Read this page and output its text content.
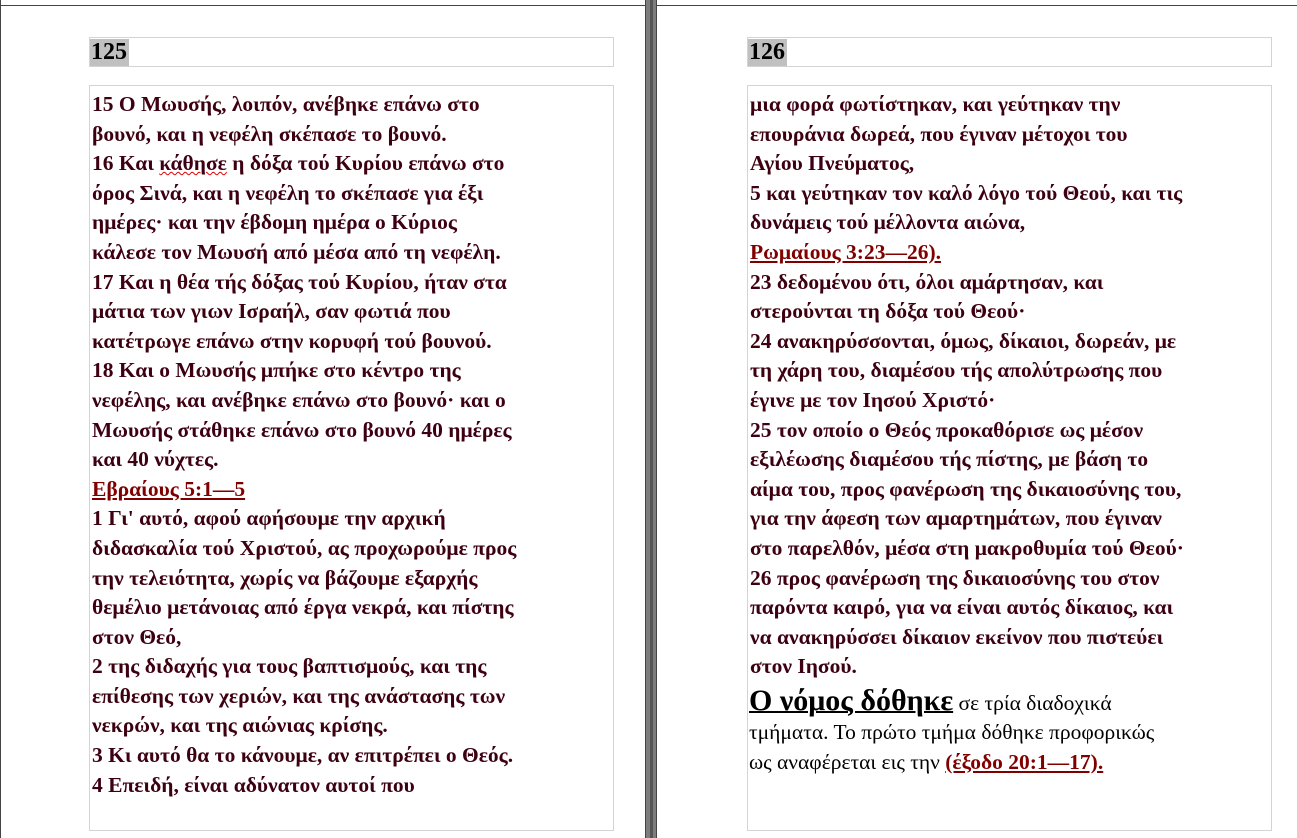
125
15 Ο Μωυσής, λοιπόν, ανέβηκε επάνω στο
βουνό, και η νεφέλη σκέπασε το βουνό.
16 Και κάθησε η δόξα τού Κυρίου επάνω στο
όρος Σινά, και η νεφέλη το σκέπασε για έξι
ημέρες· και την έβδομη ημέρα ο Κύριος
κάλεσε τον Μωυσή από μέσα από τη νεφέλη.
17 Και η θέα τής δόξας τού Κυρίου, ήταν στα
μάτια των γιων Ισραήλ, σαν φωτιά που
κατέτρωγε επάνω στην κορυφή τού βουνού.
18 Και ο Μωυσής μπήκε στο κέντρο της
νεφέλης, και ανέβηκε επάνω στο βουνό· και ο
Μωυσής στάθηκε επάνω στο βουνό 40 ημέρες
και 40 νύχτες.
Εβραίους 5:1—5
1 Γι' αυτό, αφού αφήσουμε την αρχική
διδασκαλία τού Χριστού, ας προχωρούμε προς
την τελειότητα, χωρίς να βάζουμε εξαρχής
θεμέλιο μετάνοιας από έργα νεκρά, και πίστης
στον Θεό,
2 της διδαχής για τους βαπτισμούς, και της
επίθεσης των χεριών, και της ανάστασης των
νεκρών, και της αιώνιας κρίσης.
3 Κι αυτό θα το κάνουμε, αν επιτρέπει ο Θεός.
4 Επειδή, είναι αδύνατον αυτοί που
126
μια φορά φωτίστηκαν, και γεύτηκαν την
επουράνια δωρεά, που έγιναν μέτοχοι του
Αγίου Πνεύματος,
5 και γεύτηκαν τον καλό λόγο τού Θεού, και τις
δυνάμεις τού μέλλοντα αιώνα,
Ρωμαίους 3:23—26).
23 δεδομένου ότι, όλοι αμάρτησαν, και
στερούνται τη δόξα τού Θεού·
24 ανακηρύσσονται, όμως, δίκαιοι, δωρεάν, με
τη χάρη του, διαμέσου τής απολύτρωσης που
έγινε με τον Ιησού Χριστό·
25 τον οποίο ο Θεός προκαθόρισε ως μέσον
εξιλέωσης διαμέσου τής πίστης, με βάση το
αίμα του, προς φανέρωση της δικαιοσύνης του,
για την άφεση των αμαρτημάτων, που έγιναν
στο παρελθόν, μέσα στη μακροθυμία τού Θεού·
26 προς φανέρωση της δικαιοσύνης του στον
παρόντα καιρό, για να είναι αυτός δίκαιος, και
να ανακηρύσσει δίκαιον εκείνον που πιστεύει
στον Ιησού.
Ο νόμος δόθηκε σε τρία διαδοχικά
τμήματα. Το πρώτο τμήμα δόθηκε προφορικώς
ως αναφέρεται εις την (έξοδο 20:1—17).
